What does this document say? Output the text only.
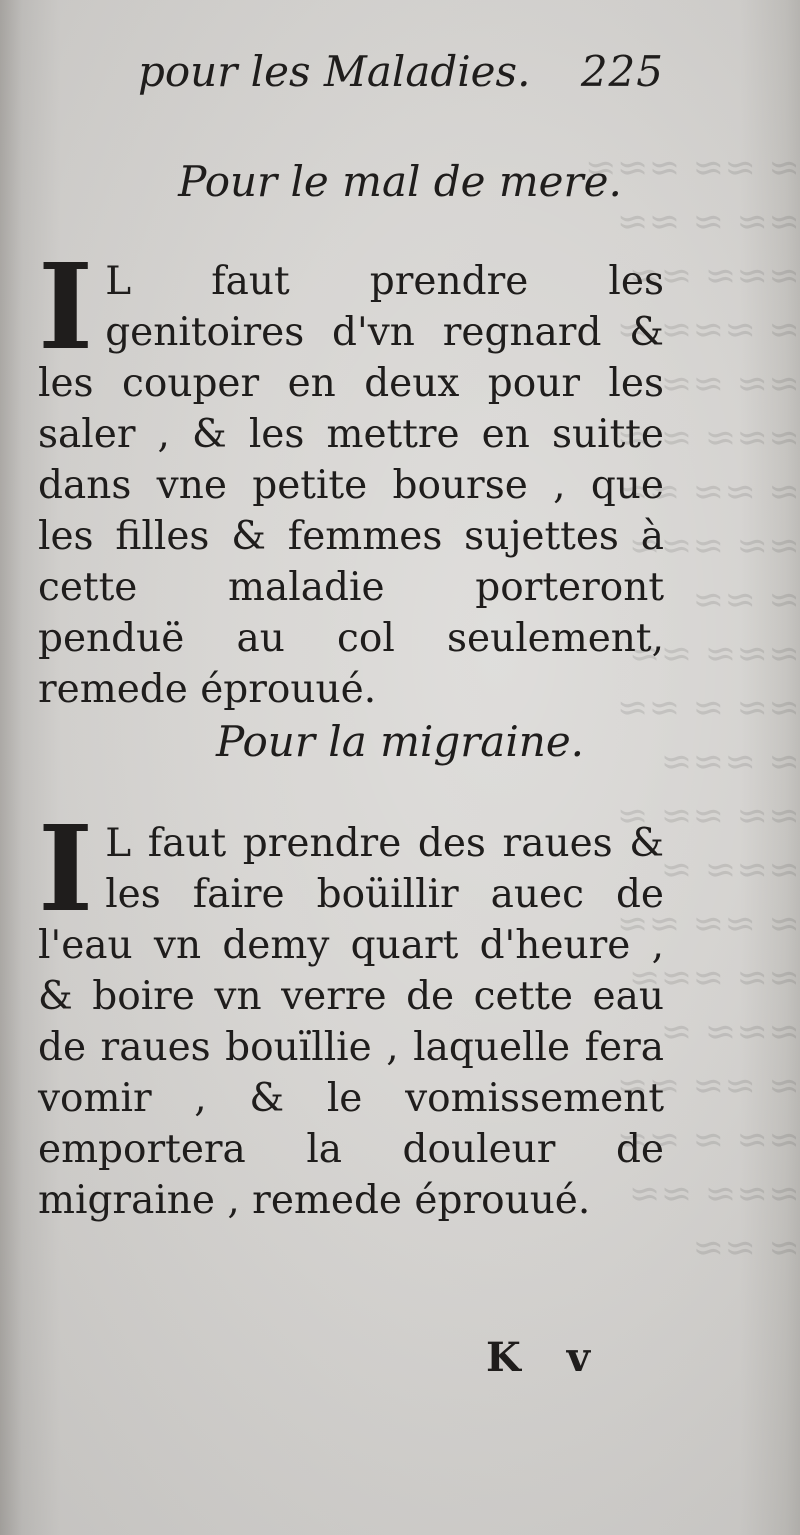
≈ ≈≈ ≈≈≈
≈≈ ≈ ≈≈
≈≈≈ ≈≈
≈ ≈≈≈ ≈
≈≈ ≈≈
≈≈≈ ≈ ≈
≈ ≈≈ ≈≈
≈≈ ≈≈≈
≈ ≈≈
≈≈≈ ≈≈
≈≈ ≈ ≈≈
≈ ≈≈≈
≈≈ ≈≈ ≈
≈≈≈ ≈
≈ ≈≈ ≈≈
≈≈ ≈≈≈
≈≈≈ ≈
≈ ≈≈ ≈≈
≈≈ ≈ ≈≈
≈≈≈ ≈≈
≈ ≈≈
pour les Maladies. 225
Pour le mal de mere.
I L faut prendre les genitoires d'vn regnard & les couper en deux pour les saler , & les mettre en suitte dans vne petite bourse , que les filles & femmes sujettes à cette maladie porteront penduë au col seulement, remede éprouué.

Pour la migraine.
I L faut prendre des raues & les faire boüillir auec de l'eau vn demy quart d'heure , & boire vn verre de cette eau de raues bouïllie , laquelle fera vomir , & le vomissement emportera la douleur de migraine , remede éprouué.

K v
